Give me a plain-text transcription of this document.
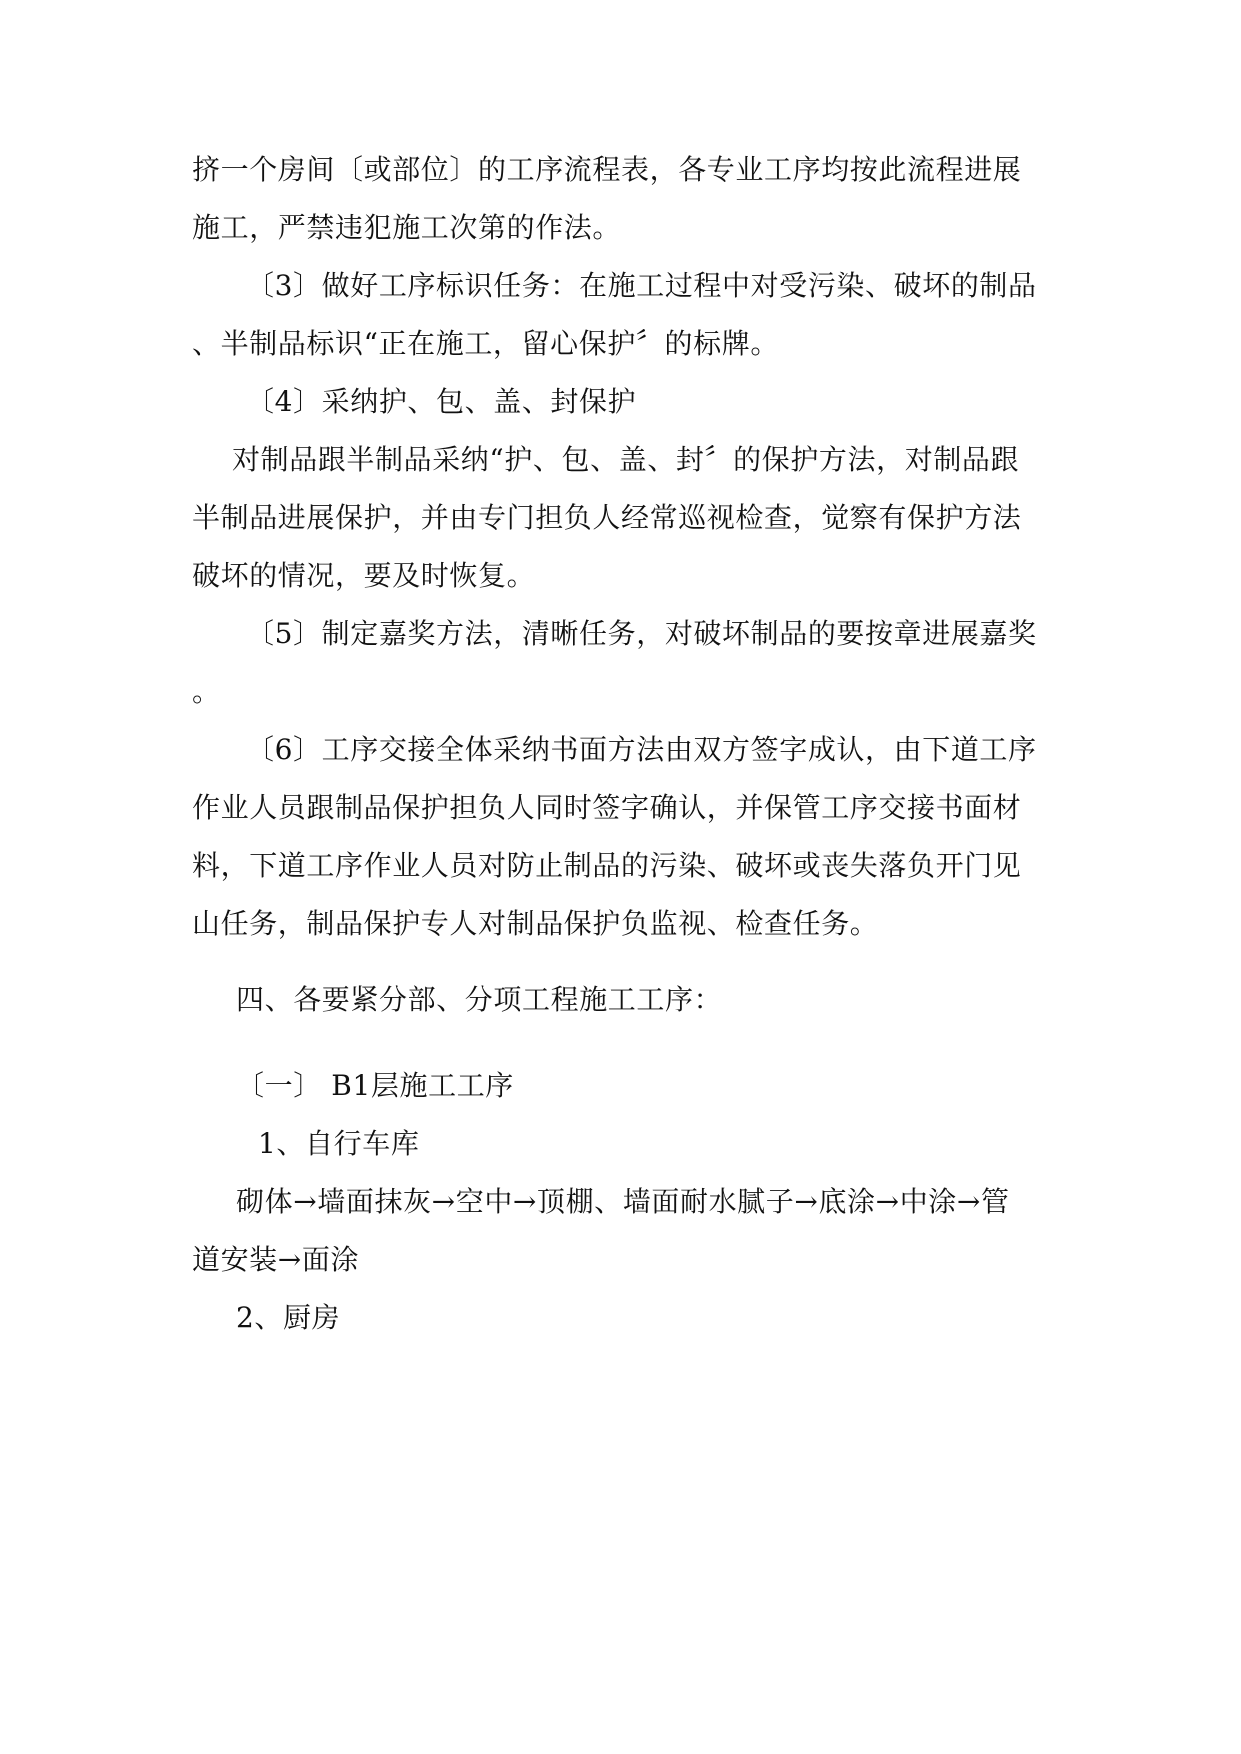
挤一个房间〔或部位〕的工序流程表，各专业工序均按此流程进展
施工，严禁违犯施工次第的作法。
〔3〕做好工序标识任务：在施工过程中对受污染、破坏的制品
、半制品标识“正在施工，留心保护〞的标牌。
〔4〕采纳护、包、盖、封保护
对制品跟半制品采纳“护、包、盖、封〞的保护方法，对制品跟
半制品进展保护，并由专门担负人经常巡视检查，觉察有保护方法
破坏的情况，要及时恢复。
〔5〕制定嘉奖方法，清晰任务，对破坏制品的要按章进展嘉奖
。
〔6〕工序交接全体采纳书面方法由双方签字成认，由下道工序
作业人员跟制品保护担负人同时签字确认，并保管工序交接书面材
料，下道工序作业人员对防止制品的污染、破坏或丧失落负开门见
山任务，制品保护专人对制品保护负监视、检查任务。
四、各要紧分部、分项工程施工工序：
〔一〕 B1层施工工序
1、自行车库
砌体→墙面抹灰→空中→顶棚、墙面耐水腻子→底涂→中涂→管
道安装→面涂
2、厨房
